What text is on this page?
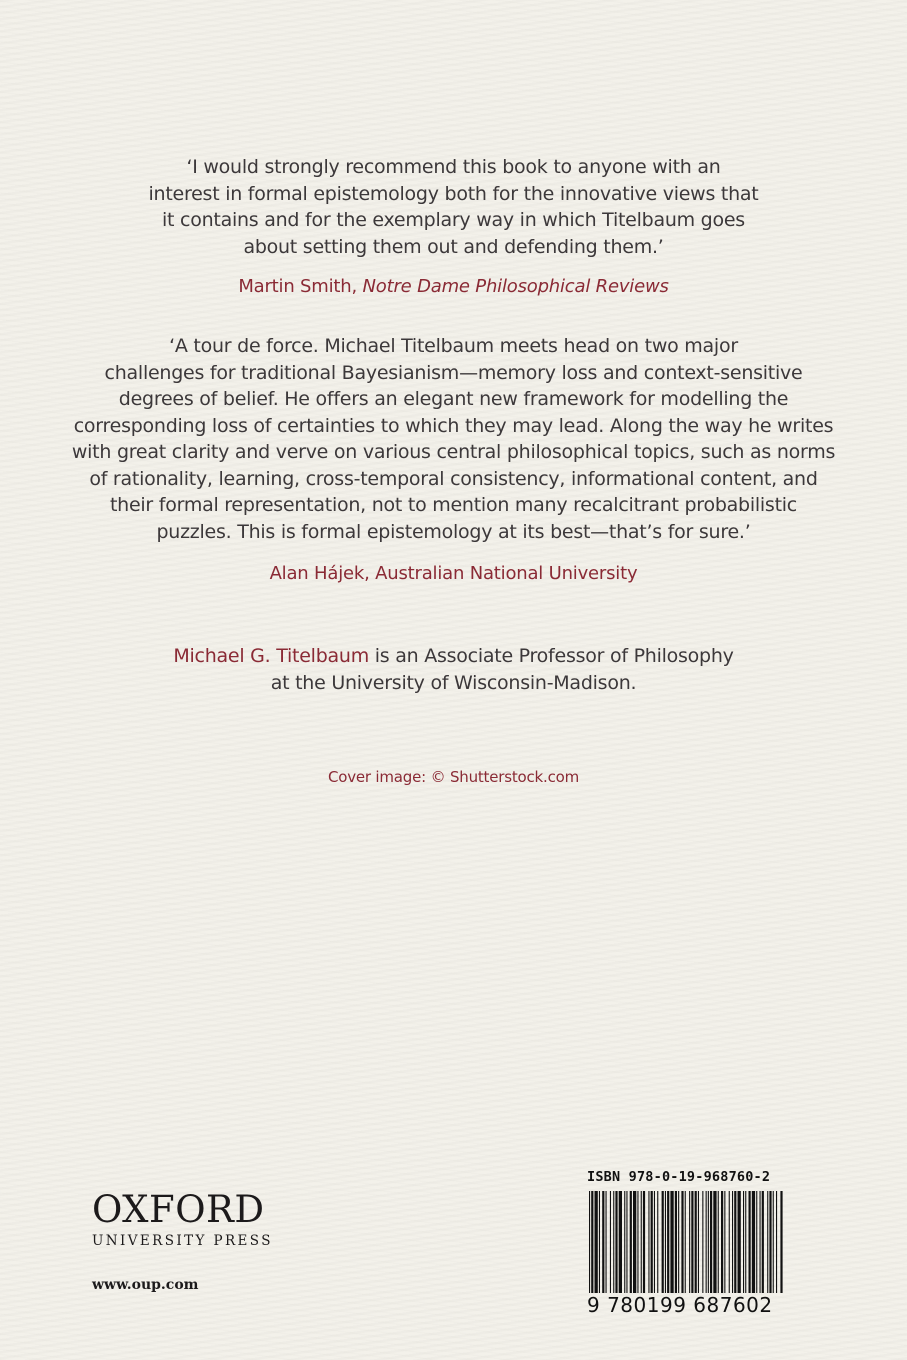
‘I would strongly recommend this book to anyone with an
interest in formal epistemology both for the innovative views that
it contains and for the exemplary way in which Titelbaum goes
about setting them out and defending them.’

Martin Smith, Notre Dame Philosophical Reviews

‘A tour de force. Michael Titelbaum meets head on two major
challenges for traditional Bayesianism—memory loss and context-sensitive
degrees of belief. He offers an elegant new framework for modelling the
corresponding loss of certainties to which they may lead. Along the way he writes
with great clarity and verve on various central philosophical topics, such as norms
of rationality, learning, cross-temporal consistency, informational content, and
their formal representation, not to mention many recalcitrant probabilistic
puzzles. This is formal epistemology at its best—that’s for sure.’

Alan Hájek, Australian National University

Michael G. Titelbaum is an Associate Professor of Philosophy
at the University of Wisconsin-Madison.

Cover image: © Shutterstock.com

OXFORD
UNIVERSITY PRESS
www.oup.com
ISBN 978-0-19-968760-2
9 780199 687602
